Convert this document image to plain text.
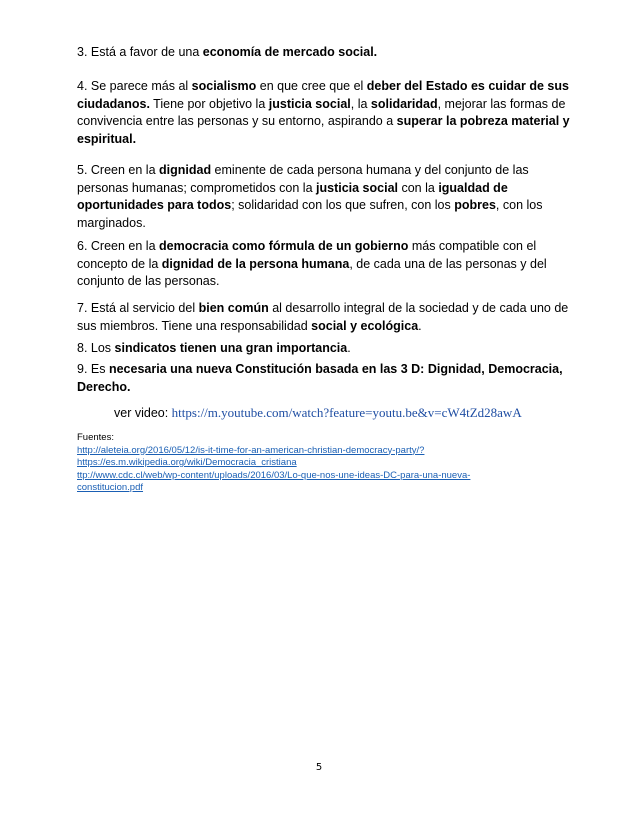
3. Está a favor de una economía de mercado social.
4. Se parece más al socialismo en que cree que el deber del Estado es cuidar de sus ciudadanos. Tiene por objetivo la justicia social, la solidaridad, mejorar las formas de convivencia entre las personas y su entorno, aspirando a superar la pobreza material y espiritual.
5. Creen en la dignidad eminente de cada persona humana y del conjunto de las personas humanas; comprometidos con la justicia social con la igualdad de oportunidades para todos; solidaridad con los que sufren, con los pobres, con los marginados.
6. Creen en la democracia como fórmula de un gobierno más compatible con el concepto de la dignidad de la persona humana, de cada una de las personas y del conjunto de las personas.
7. Está al servicio del bien común al desarrollo integral de la sociedad y de cada uno de sus miembros. Tiene una responsabilidad social y ecológica.
8. Los sindicatos tienen una gran importancia.
9. Es necesaria una nueva Constitución basada en las 3 D: Dignidad, Democracia, Derecho.
ver video: https://m.youtube.com/watch?feature=youtu.be&v=cW4tZd28awA
Fuentes:
http://aleteia.org/2016/05/12/is-it-time-for-an-american-christian-democracy-party/?
https://es.m.wikipedia.org/wiki/Democracia_cristiana
ttp://www.cdc.cl/web/wp-content/uploads/2016/03/Lo-que-nos-une-ideas-DC-para-una-nueva-
constitucion.pdf
5
